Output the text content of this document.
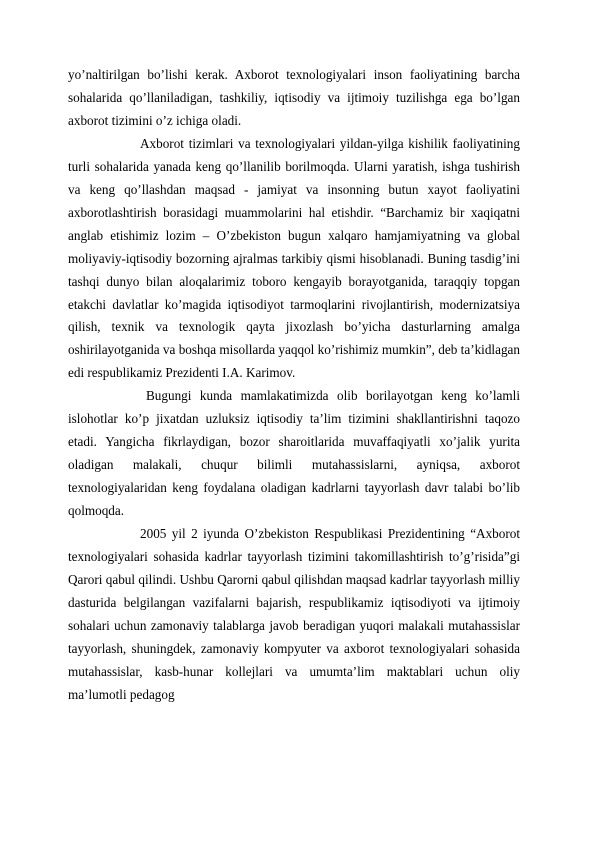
yo’naltirilgan bo’lishi kerak. Axborot texnologiyalari inson faoliyatining barcha sohalarida qo’llaniladigan, tashkiliy, iqtisodiy va ijtimoiy tuzilishga ega bo’lgan axborot tizimini o’z ichiga oladi.

Axborot tizimlari va texnologiyalari yildan-yilga kishilik faoliyatining turli sohalarida yanada keng qo’llanilib borilmoqda. Ularni yaratish, ishga tushirish va keng qo’llashdan maqsad - jamiyat va insonning butun xayot faoliyatini axborotlashtirish borasidagi muammolarini hal etishdir. “Barchamiz bir xaqiqatni anglab etishimiz lozim – O’zbekiston bugun xalqaro hamjamiyatning va global moliyaviy-iqtisodiy bozorning ajralmas tarkibiy qismi hisoblanadi. Buning tasdig’ini tashqi dunyo bilan aloqalarimiz toboro kengayib borayotganida, taraqqiy topgan etakchi davlatlar ko’magida iqtisodiyot tarmoqlarini rivojlantirish, modernizatsiya qilish, texnik va texnologik qayta jixozlash bo’yicha dasturlarning amalga oshirilayotganida va boshqa misollarda yaqqol ko’rishimiz mumkin”, deb ta’kidlagan edi respublikamiz Prezidenti I.A. Karimov.

Bugungi kunda mamlakatimizda olib borilayotgan keng ko’lamli islohotlar ko’p jixatdan uzluksiz iqtisodiy ta’lim tizimini shakllantirishni taqozo etadi. Yangicha fikrlaydigan, bozor sharoitlarida muvaffaqiyatli xo’jalik yurita oladigan malakali, chuqur bilimli mutahassislarni, ayniqsa, axborot texnologiyalaridan keng foydalana oladigan kadrlarni tayyorlash davr talabi bo’lib qolmoqda.

2005 yil 2 iyunda O’zbekiston Respublikasi Prezidentining “Axborot texnologiyalari sohasida kadrlar tayyorlash tizimini takomillashtirish to’g’risida”gi Qarori qabul qilindi. Ushbu Qarorni qabul qilishdan maqsad kadrlar tayyorlash milliy dasturida belgilangan vazifalarni bajarish, respublikamiz iqtisodiyoti va ijtimoiy sohalari uchun zamonaviy talablarga javob beradigan yuqori malakali mutahassislar tayyorlash, shuningdek, zamonaviy kompyuter va axborot texnologiyalari sohasida mutahassislar, kasb-hunar kollejlari va umumta’lim maktablari uchun oliy ma’lumotli pedagog
